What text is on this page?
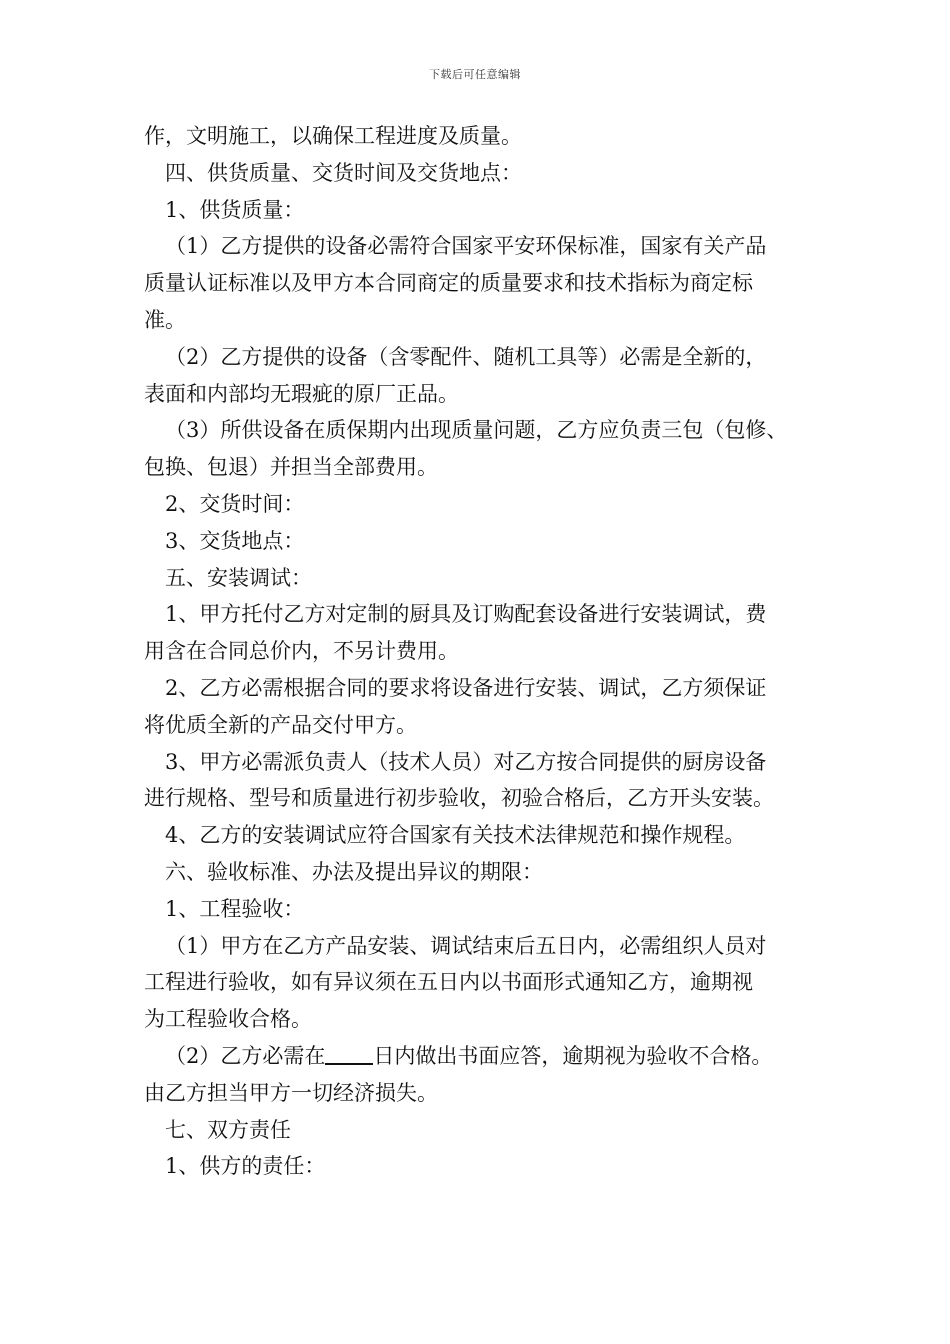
下载后可任意编辑
作，文明施工，以确保工程进度及质量。
四、供货质量、交货时间及交货地点：
1、供货质量：
（1）乙方提供的设备必需符合国家平安环保标准，国家有关产品
质量认证标准以及甲方本合同商定的质量要求和技术指标为商定标
准。
（2）乙方提供的设备（含零配件、随机工具等）必需是全新的，
表面和内部均无瑕疵的原厂正品。
（3）所供设备在质保期内出现质量问题，乙方应负责三包（包修、
包换、包退）并担当全部费用。
2、交货时间：
3、交货地点：
五、安装调试：
1、甲方托付乙方对定制的厨具及订购配套设备进行安装调试，费
用含在合同总价内，不另计费用。
2、乙方必需根据合同的要求将设备进行安装、调试，乙方须保证
将优质全新的产品交付甲方。
3、甲方必需派负责人（技术人员）对乙方按合同提供的厨房设备
进行规格、型号和质量进行初步验收，初验合格后，乙方开头安装。
4、乙方的安装调试应符合国家有关技术法律规范和操作规程。
六、验收标准、办法及提出异议的期限：
1、工程验收：
（1）甲方在乙方产品安装、调试结束后五日内，必需组织人员对
工程进行验收，如有异议须在五日内以书面形式通知乙方，逾期视
为工程验收合格。
（2）乙方必需在 日内做出书面应答，逾期视为验收不合格。
由乙方担当甲方一切经济损失。
七、双方责任
1、供方的责任：
